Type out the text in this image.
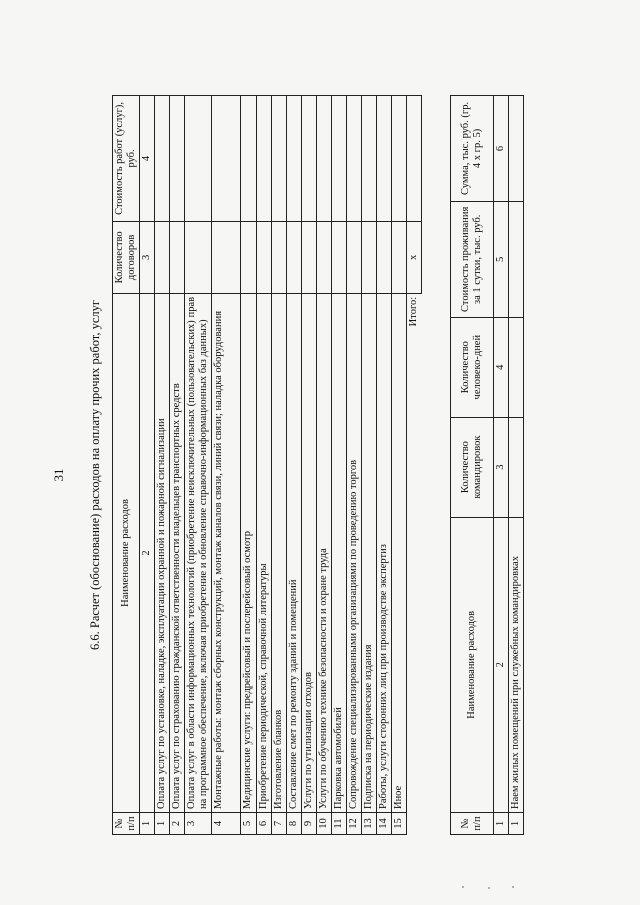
31 6.6. Расчет (обоснование) расходов на оплату прочих работ, услуг
№ п/п	Наименование расходов	Количество договоров	Стоимость работ (услуг), руб.
1	2	3	4
1	Оплата услуг по установке, наладке, эксплуатации охранной и пожарной сигнализации		
2	Оплата услуг по страхованию гражданской ответственности владельцев транспортных средств		
3	Оплата услуг в области информационных технологий (приобретение неисключительных (пользовательских) прав на программное обеспечение, включая приобретение и обновление справочно-информационных баз данных)		
4	Монтажные работы: монтаж сборных конструкций, монтаж каналов связи, линий связи; наладка оборудования		
5	Медицинские услуги: предрейсовый и послерейсовый осмотр		
6	Приобретение периодической, справочной литературы		
7	Изготовление бланков		
8	Составление смет по ремонту зданий и помещений		
9	Услуги по утилизации отходов		
10	Услуги по обучению технике безопасности и охране труда		
11	Парковка автомобилей		
12	Сопровождение специализированными организациями по проведению торгов		
13	Подписка на периодические издания		
14	Работы, услуги сторонних лиц при производстве экспертиз		
15	Иное		
	Итого:	x	
№ п/п	Наименование расходов	Количество командировок	Количество человеко-дней	Стоимость проживания за 1 сутки, тыс. руб.	Сумма, тыс. руб. (гр. 4 х гр. 5)
1	2	3	4	5	6
1	Наем жилых помещений при служебных командировках				
